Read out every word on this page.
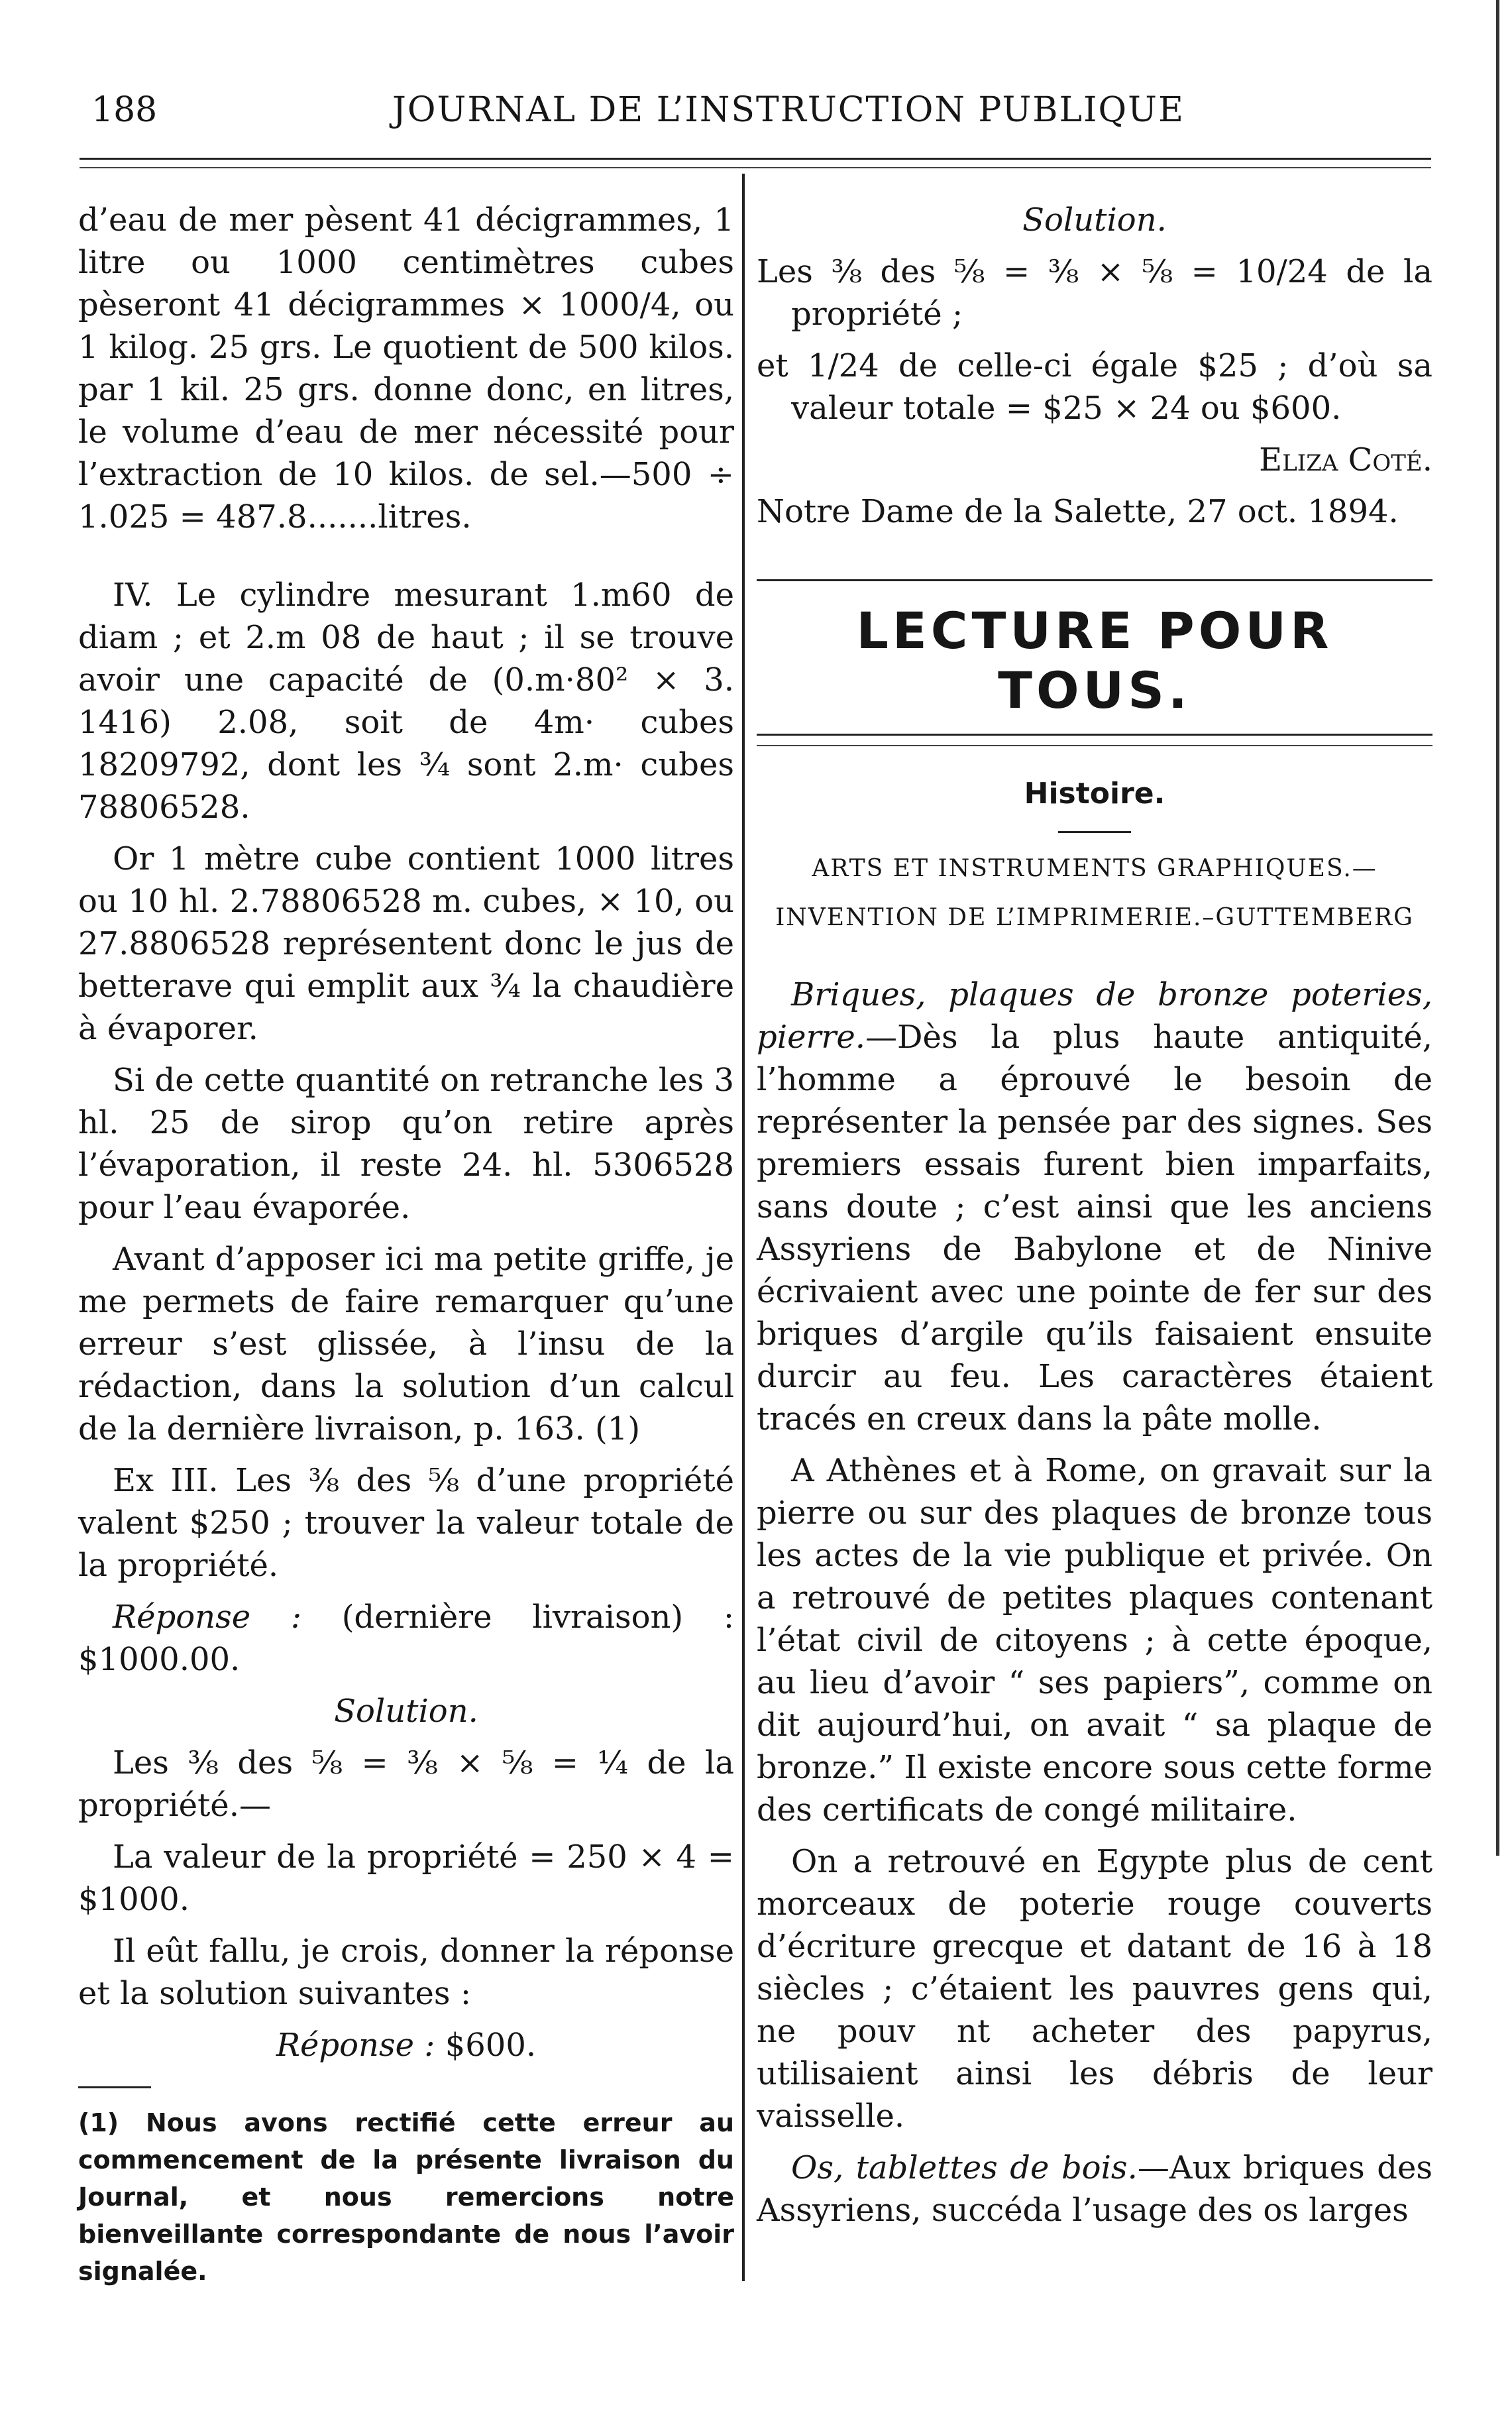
188	JOURNAL DE L’INSTRUCTION PUBLIQUE

d’eau de mer pèsent 41 décigrammes, 1 litre ou 1000 centimètres cubes pèseront 41 décigrammes × 1000/4, ou 1 kilog. 25 grs. Le quotient de 500 kilos. par 1 kil. 25 grs. donne donc, en litres, le volume d’eau de mer nécessité pour l’extraction de 10 kilos. de sel.—500 ÷ 1.025 = 487.8.......litres.

IV. Le cylindre mesurant 1.m60 de diam ; et 2.m 08 de haut ; il se trouve avoir une capacité de (0.m·80² × 3. 1416) 2.08, soit de 4m· cubes 18209792, dont les ¾ sont 2.m· cubes 78806528.

Or 1 mètre cube contient 1000 litres ou 10 hl. 2.78806528 m. cubes, × 10, ou 27.8806528 représentent donc le jus de betterave qui emplit aux ¾ la chaudière à évaporer.

Si de cette quantité on retranche les 3 hl. 25 de sirop qu’on retire après l’évaporation, il reste 24. hl. 5306528 pour l’eau évaporée.

Avant d’apposer ici ma petite griffe, je me permets de faire remarquer qu’une erreur s’est glissée, à l’insu de la rédaction, dans la solution d’un calcul de la dernière livraison, p. 163. (1)

Ex III. Les ⅜ des ⅝ d’une propriété valent $250 ; trouver la valeur totale de la propriété.

Réponse : (dernière livraison) : $1000.00.

Solution.

Les ⅜ des ⅝ = ⅜ × ⅝ = ¼ de la propriété.—

La valeur de la propriété = 250 × 4 = $1000.

Il eût fallu, je crois, donner la réponse et la solution suivantes :

Réponse : $600.

(1) Nous avons rectifié cette erreur au commencement de la présente livraison du Journal, et nous remercions notre bienveillante correspondante de nous l’avoir signalée.

Solution.

Les ⅜ des ⅝ = ⅜ × ⅝ = 10/24 de la propriété ;

et 1/24 de celle-ci égale $25 ; d’où sa valeur totale = $25 × 24 ou $600.

Eliza Coté.

Notre Dame de la Salette, 27 oct. 1894.

LECTURE POUR TOUS.
Histoire.

ARTS ET INSTRUMENTS GRAPHIQUES.—

INVENTION DE L’IMPRIMERIE.–GUTTEMBERG

Briques, plaques de bronze poteries, pierre.—Dès la plus haute antiquité, l’homme a éprouvé le besoin de représenter la pensée par des signes. Ses premiers essais furent bien imparfaits, sans doute ; c’est ainsi que les anciens Assyriens de Babylone et de Ninive écrivaient avec une pointe de fer sur des briques d’argile qu’ils faisaient ensuite durcir au feu. Les caractères étaient tracés en creux dans la pâte molle.

A Athènes et à Rome, on gravait sur la pierre ou sur des plaques de bronze tous les actes de la vie publique et privée. On a retrouvé de petites plaques contenant l’état civil de citoyens ; à cette époque, au lieu d’avoir “ ses papiers”, comme on dit aujourd’hui, on avait “ sa plaque de bronze.” Il existe encore sous cette forme des certificats de congé militaire.

On a retrouvé en Egypte plus de cent morceaux de poterie rouge couverts d’écriture grecque et datant de 16 à 18 siècles ; c’étaient les pauvres gens qui, ne pouv nt acheter des papyrus, utilisaient ainsi les débris de leur vaisselle.

Os, tablettes de bois.—Aux briques des Assyriens, succéda l’usage des os larges
